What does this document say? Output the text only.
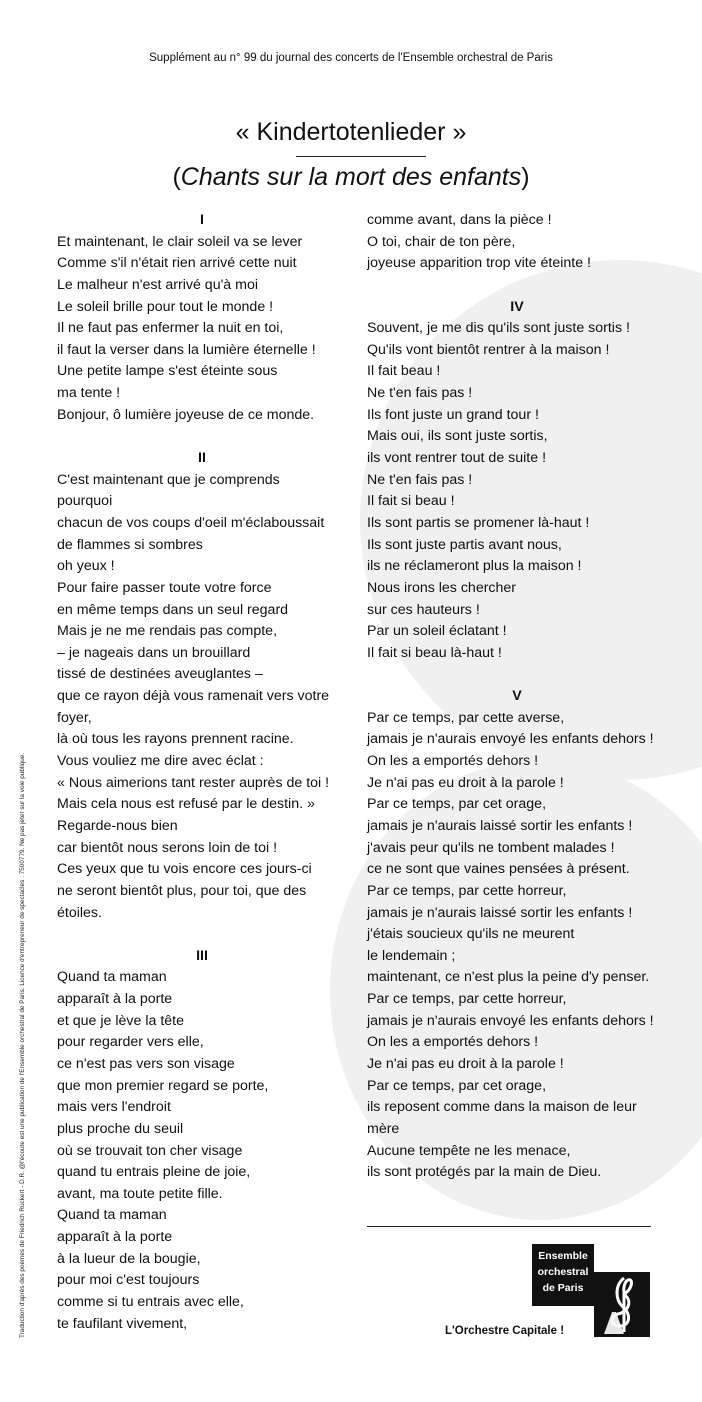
Supplément au n° 99 du journal des concerts de l'Ensemble orchestral de Paris
« Kindertotenlieder »
(Chants sur la mort des enfants)
I
Et maintenant, le clair soleil va se lever
Comme s'il n'était rien arrivé cette nuit
Le malheur n'est arrivé qu'à moi
Le soleil brille pour tout le monde !
Il ne faut pas enfermer la nuit en toi,
il faut la verser dans la lumière éternelle !
Une petite lampe s'est éteinte sous
ma tente !
Bonjour, ô lumière joyeuse de ce monde.
II
C'est maintenant que je comprends
pourquoi
chacun de vos coups d'oeil m'éclaboussait
de flammes si sombres
oh yeux !
Pour faire passer toute votre force
en même temps dans un seul regard
Mais je ne me rendais pas compte,
– je nageais dans un brouillard
tissé de destinées aveuglantes –
que ce rayon déjà vous ramenait vers votre
foyer,
là où tous les rayons prennent racine.
Vous vouliez me dire avec éclat :
« Nous aimerions tant rester auprès de toi !
Mais cela nous est refusé par le destin. »
Regarde-nous bien
car bientôt nous serons loin de toi !
Ces yeux que tu vois encore ces jours-ci
ne seront bientôt plus, pour toi, que des
étoiles.
III
Quand ta maman
apparaît à la porte
et que je lève la tête
pour regarder vers elle,
ce n'est pas vers son visage
que mon premier regard se porte,
mais vers l'endroit
plus proche du seuil
où se trouvait ton cher visage
quand tu entrais pleine de joie,
avant, ma toute petite fille.
Quand ta maman
apparaît à la porte
à la lueur de la bougie,
pour moi c'est toujours
comme si tu entrais avec elle,
te faufilant vivement,
comme avant, dans la pièce !
O toi, chair de ton père,
joyeuse apparition trop vite éteinte !
IV
Souvent, je me dis qu'ils sont juste sortis !
Qu'ils vont bientôt rentrer à la maison !
Il fait beau !
Ne t'en fais pas !
Ils font juste un grand tour !
Mais oui, ils sont juste sortis,
ils vont rentrer tout de suite !
Ne t'en fais pas !
Il fait si beau !
Ils sont partis se promener là-haut !
Ils sont juste partis avant nous,
ils ne réclameront plus la maison !
Nous irons les chercher
sur ces hauteurs !
Par un soleil éclatant !
Il fait si beau là-haut !
V
Par ce temps, par cette averse,
jamais je n'aurais envoyé les enfants dehors !
On les a emportés dehors !
Je n'ai pas eu droit à la parole !
Par ce temps, par cet orage,
jamais je n'aurais laissé sortir les enfants !
j'avais peur qu'ils ne tombent malades !
ce ne sont que vaines pensées à présent.
Par ce temps, par cette horreur,
jamais je n'aurais laissé sortir les enfants !
j'étais soucieux qu'ils ne meurent
le lendemain ;
maintenant, ce n'est plus la peine d'y penser.
Par ce temps, par cette horreur,
jamais je n'aurais envoyé les enfants dehors !
On les a emportés dehors !
Je n'ai pas eu droit à la parole !
Par ce temps, par cet orage,
ils reposent comme dans la maison de leur
mère
Aucune tempête ne les menace,
ils sont protégés par la main de Dieu.
Traduction d'après des poèmes de Friedrich Rückert - D.R. @l'écoute est une publication de l'Ensemble orchestral de Paris. Licence d'entrepreneur de spectacles : 7500779. Ne pas jeter sur la voie publique.	Ensemble
orchestral
de Paris
L'Orchestre Capitale !
